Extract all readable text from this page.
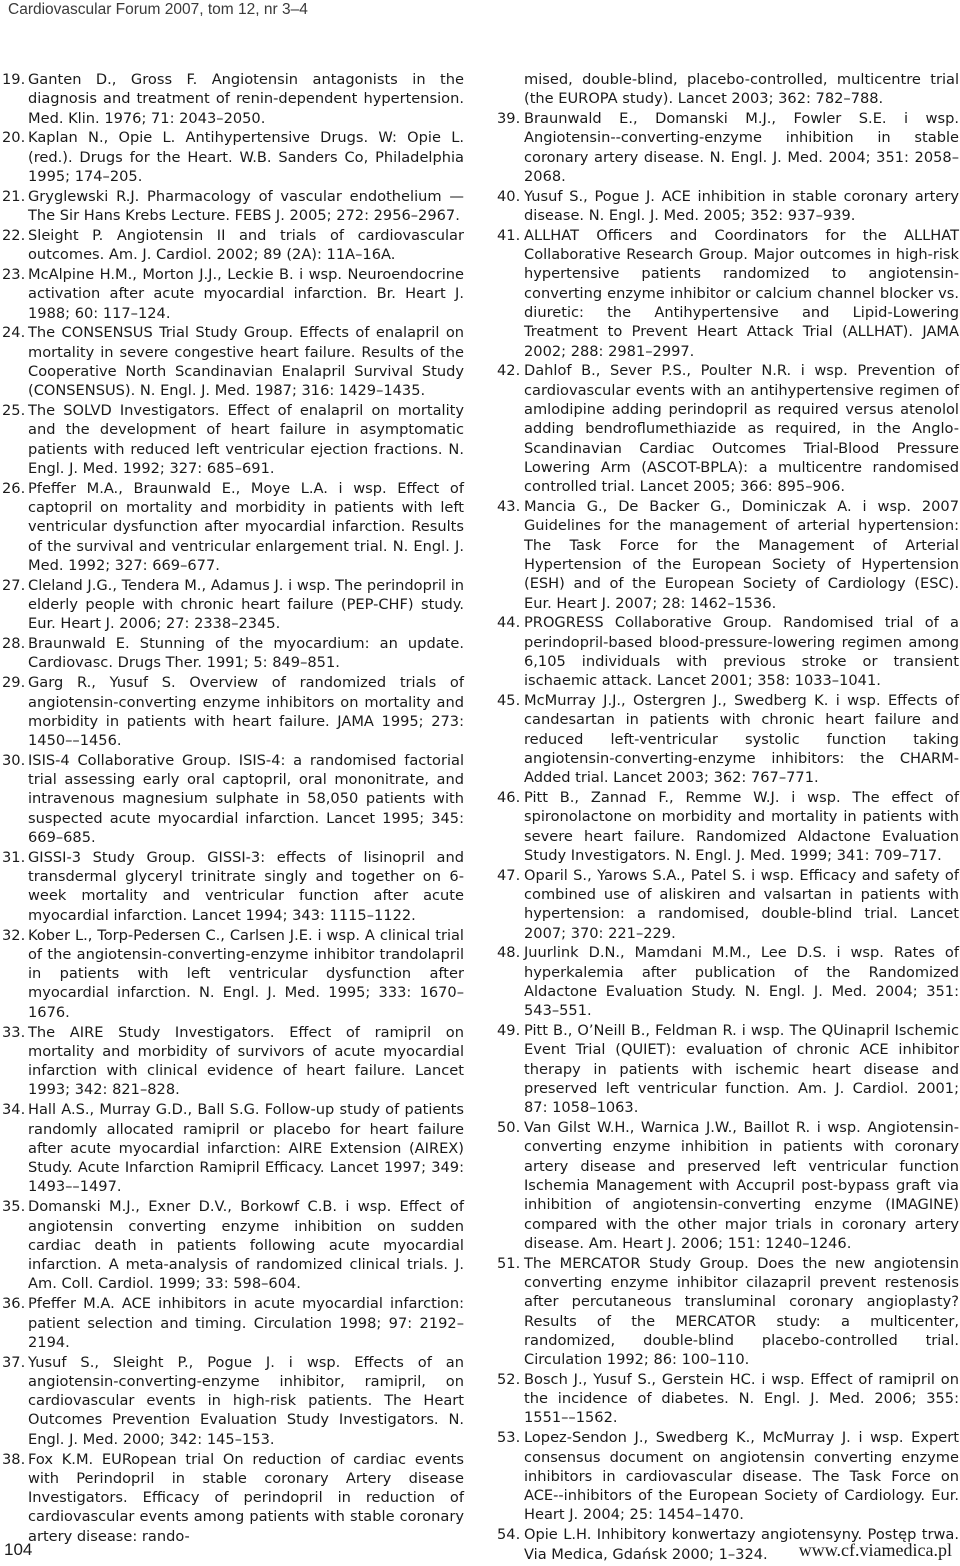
Cardiovascular Forum 2007, tom 12, nr 3–4
19. Ganten D., Gross F. Angiotensin antagonists in the diagnosis and treatment of renin-dependent hypertension. Med. Klin. 1976; 71: 2043–2050.
20. Kaplan N., Opie L. Antihypertensive Drugs. W: Opie L. (red.). Drugs for the Heart. W.B. Sanders Co, Philadelphia 1995; 174–205.
21. Gryglewski R.J. Pharmacology of vascular endothelium — The Sir Hans Krebs Lecture. FEBS J. 2005; 272: 2956–2967.
22. Sleight P. Angiotensin II and trials of cardiovascular outcomes. Am. J. Cardiol. 2002; 89 (2A): 11A–16A.
23. McAlpine H.M., Morton J.J., Leckie B. i wsp. Neuroendocrine activation after acute myocardial infarction. Br. Heart J. 1988; 60: 117–124.
24. The CONSENSUS Trial Study Group. Effects of enalapril on mortality in severe congestive heart failure. Results of the Cooperative North Scandinavian Enalapril Survival Study (CONSENSUS). N. Engl. J. Med. 1987; 316: 1429–1435.
25. The SOLVD Investigators. Effect of enalapril on mortality and the development of heart failure in asymptomatic patients with reduced left ventricular ejection fractions. N. Engl. J. Med. 1992; 327: 685–691.
26. Pfeffer M.A., Braunwald E., Moye L.A. i wsp. Effect of captopril on mortality and morbidity in patients with left ventricular dysfunction after myocardial infarction. Results of the survival and ventricular enlargement trial. N. Engl. J. Med. 1992; 327: 669–677.
27. Cleland J.G., Tendera M., Adamus J. i wsp. The perindopril in elderly people with chronic heart failure (PEP-CHF) study. Eur. Heart J. 2006; 27: 2338–2345.
28. Braunwald E. Stunning of the myocardium: an update. Cardiovasc. Drugs Ther. 1991; 5: 849–851.
29. Garg R., Yusuf S. Overview of randomized trials of angiotensin-converting enzyme inhibitors on mortality and morbidity in patients with heart failure. JAMA 1995; 273: 1450––1456.
30. ISIS-4 Collaborative Group. ISIS-4: a randomised factorial trial assessing early oral captopril, oral mononitrate, and intravenous magnesium sulphate in 58,050 patients with suspected acute myocardial infarction. Lancet 1995; 345: 669–685.
31. GISSI-3 Study Group. GISSI-3: effects of lisinopril and transdermal glyceryl trinitrate singly and together on 6-week mortality and ventricular function after acute myocardial infarction. Lancet 1994; 343: 1115–1122.
32. Kober L., Torp-Pedersen C., Carlsen J.E. i wsp. A clinical trial of the angiotensin-converting-enzyme inhibitor trandolapril in patients with left ventricular dysfunction after myocardial infarction. N. Engl. J. Med. 1995; 333: 1670–1676.
33. The AIRE Study Investigators. Effect of ramipril on mortality and morbidity of survivors of acute myocardial infarction with clinical evidence of heart failure. Lancet 1993; 342: 821–828.
34. Hall A.S., Murray G.D., Ball S.G. Follow-up study of patients randomly allocated ramipril or placebo for heart failure after acute myocardial infarction: AIRE Extension (AIREX) Study. Acute Infarction Ramipril Efficacy. Lancet 1997; 349: 1493––1497.
35. Domanski M.J., Exner D.V., Borkowf C.B. i wsp. Effect of angiotensin converting enzyme inhibition on sudden cardiac death in patients following acute myocardial infarction. A meta-analysis of randomized clinical trials. J. Am. Coll. Cardiol. 1999; 33: 598–604.
36. Pfeffer M.A. ACE inhibitors in acute myocardial infarction: patient selection and timing. Circulation 1998; 97: 2192–2194.
37. Yusuf S., Sleight P., Pogue J. i wsp. Effects of an angiotensin-converting-enzyme inhibitor, ramipril, on cardiovascular events in high-risk patients. The Heart Outcomes Prevention Evaluation Study Investigators. N. Engl. J. Med. 2000; 342: 145–153.
38. Fox K.M. EURopean trial On reduction of cardiac events with Perindopril in stable coronary Artery disease Investigators. Efficacy of perindopril in reduction of cardiovascular events among patients with stable coronary artery disease: rando-
mised, double-blind, placebo-controlled, multicentre trial (the EUROPA study). Lancet 2003; 362: 782–788.
39. Braunwald E., Domanski M.J., Fowler S.E. i wsp. Angiotensin--converting-enzyme inhibition in stable coronary artery disease. N. Engl. J. Med. 2004; 351: 2058–2068.
40. Yusuf S., Pogue J. ACE inhibition in stable coronary artery disease. N. Engl. J. Med. 2005; 352: 937–939.
41. ALLHAT Officers and Coordinators for the ALLHAT Collaborative Research Group. Major outcomes in high-risk hypertensive patients randomized to angiotensin-converting enzyme inhibitor or calcium channel blocker vs. diuretic: the Antihypertensive and Lipid-Lowering Treatment to Prevent Heart Attack Trial (ALLHAT). JAMA 2002; 288: 2981–2997.
42. Dahlof B., Sever P.S., Poulter N.R. i wsp. Prevention of cardiovascular events with an antihypertensive regimen of amlodipine adding perindopril as required versus atenolol adding bendroflumethiazide as required, in the Anglo-Scandinavian Cardiac Outcomes Trial-Blood Pressure Lowering Arm (ASCOT-BPLA): a multicentre randomised controlled trial. Lancet 2005; 366: 895–906.
43. Mancia G., De Backer G., Dominiczak A. i wsp. 2007 Guidelines for the management of arterial hypertension: The Task Force for the Management of Arterial Hypertension of the European Society of Hypertension (ESH) and of the European Society of Cardiology (ESC). Eur. Heart J. 2007; 28: 1462–1536.
44. PROGRESS Collaborative Group. Randomised trial of a perindopril-based blood-pressure-lowering regimen among 6,105 individuals with previous stroke or transient ischaemic attack. Lancet 2001; 358: 1033–1041.
45. McMurray J.J., Ostergren J., Swedberg K. i wsp. Effects of candesartan in patients with chronic heart failure and reduced left-ventricular systolic function taking angiotensin-converting-enzyme inhibitors: the CHARM-Added trial. Lancet 2003; 362: 767–771.
46. Pitt B., Zannad F., Remme W.J. i wsp. The effect of spironolactone on morbidity and mortality in patients with severe heart failure. Randomized Aldactone Evaluation Study Investigators. N. Engl. J. Med. 1999; 341: 709–717.
47. Oparil S., Yarows S.A., Patel S. i wsp. Efficacy and safety of combined use of aliskiren and valsartan in patients with hypertension: a randomised, double-blind trial. Lancet 2007; 370: 221–229.
48. Juurlink D.N., Mamdani M.M., Lee D.S. i wsp. Rates of hyperkalemia after publication of the Randomized Aldactone Evaluation Study. N. Engl. J. Med. 2004; 351: 543–551.
49. Pitt B., O’Neill B., Feldman R. i wsp. The QUinapril Ischemic Event Trial (QUIET): evaluation of chronic ACE inhibitor therapy in patients with ischemic heart disease and preserved left ventricular function. Am. J. Cardiol. 2001; 87: 1058–1063.
50. Van Gilst W.H., Warnica J.W., Baillot R. i wsp. Angiotensin-converting enzyme inhibition in patients with coronary artery disease and preserved left ventricular function Ischemia Management with Accupril post-bypass graft via inhibition of angiotensin-converting enzyme (IMAGINE) compared with the other major trials in coronary artery disease. Am. Heart J. 2006; 151: 1240–1246.
51. The MERCATOR Study Group. Does the new angiotensin converting enzyme inhibitor cilazapril prevent restenosis after percutaneous transluminal coronary angioplasty? Results of the MERCATOR study: a multicenter, randomized, double-blind placebo-controlled trial. Circulation 1992; 86: 100–110.
52. Bosch J., Yusuf S., Gerstein HC. i wsp. Effect of ramipril on the incidence of diabetes. N. Engl. J. Med. 2006; 355: 1551––1562.
53. Lopez-Sendon J., Swedberg K., McMurray J. i wsp. Expert consensus document on angiotensin converting enzyme inhibitors in cardiovascular disease. The Task Force on ACE--inhibitors of the European Society of Cardiology. Eur. Heart J. 2004; 25: 1454–1470.
54. Opie L.H. Inhibitory konwertazy angiotensyny. Postęp trwa. Via Medica, Gdańsk 2000; 1–324.
104	www.cf.viamedica.pl
